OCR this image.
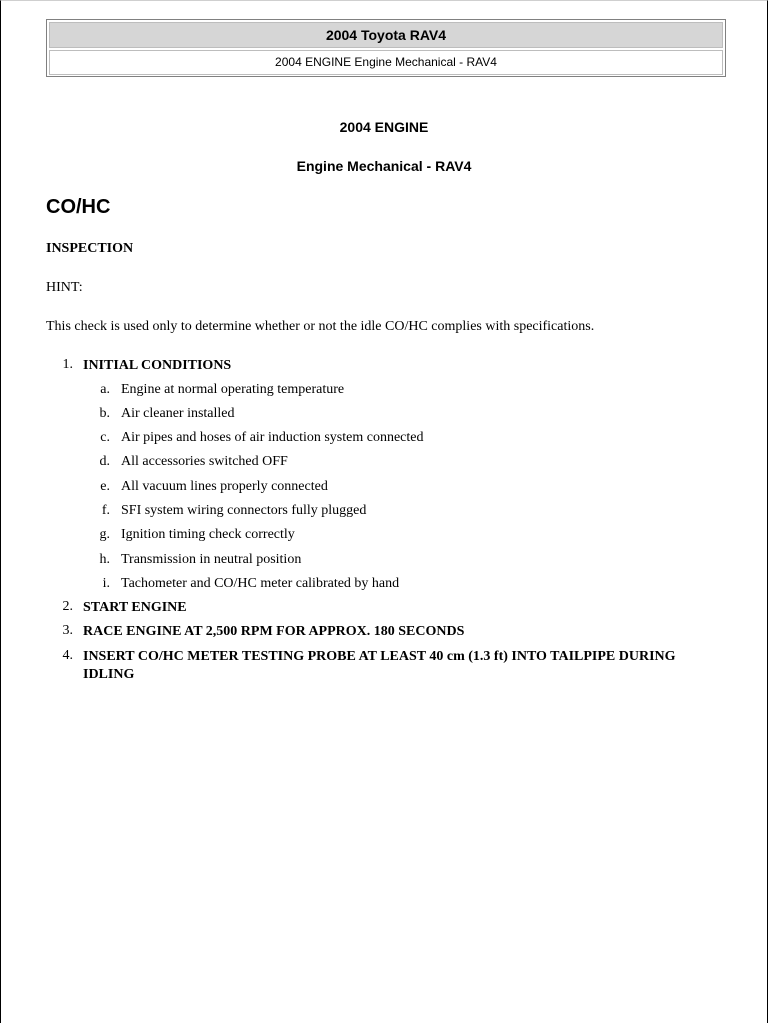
2004 Toyota RAV4
2004 ENGINE Engine Mechanical - RAV4
2004 ENGINE
Engine Mechanical - RAV4
CO/HC
INSPECTION
HINT:
This check is used only to determine whether or not the idle CO/HC complies with specifications.
1. INITIAL CONDITIONS
a. Engine at normal operating temperature
b. Air cleaner installed
c. Air pipes and hoses of air induction system connected
d. All accessories switched OFF
e. All vacuum lines properly connected
f. SFI system wiring connectors fully plugged
g. Ignition timing check correctly
h. Transmission in neutral position
i. Tachometer and CO/HC meter calibrated by hand
2. START ENGINE
3. RACE ENGINE AT 2,500 RPM FOR APPROX. 180 SECONDS
4. INSERT CO/HC METER TESTING PROBE AT LEAST 40 cm (1.3 ft) INTO TAILPIPE DURING IDLING
